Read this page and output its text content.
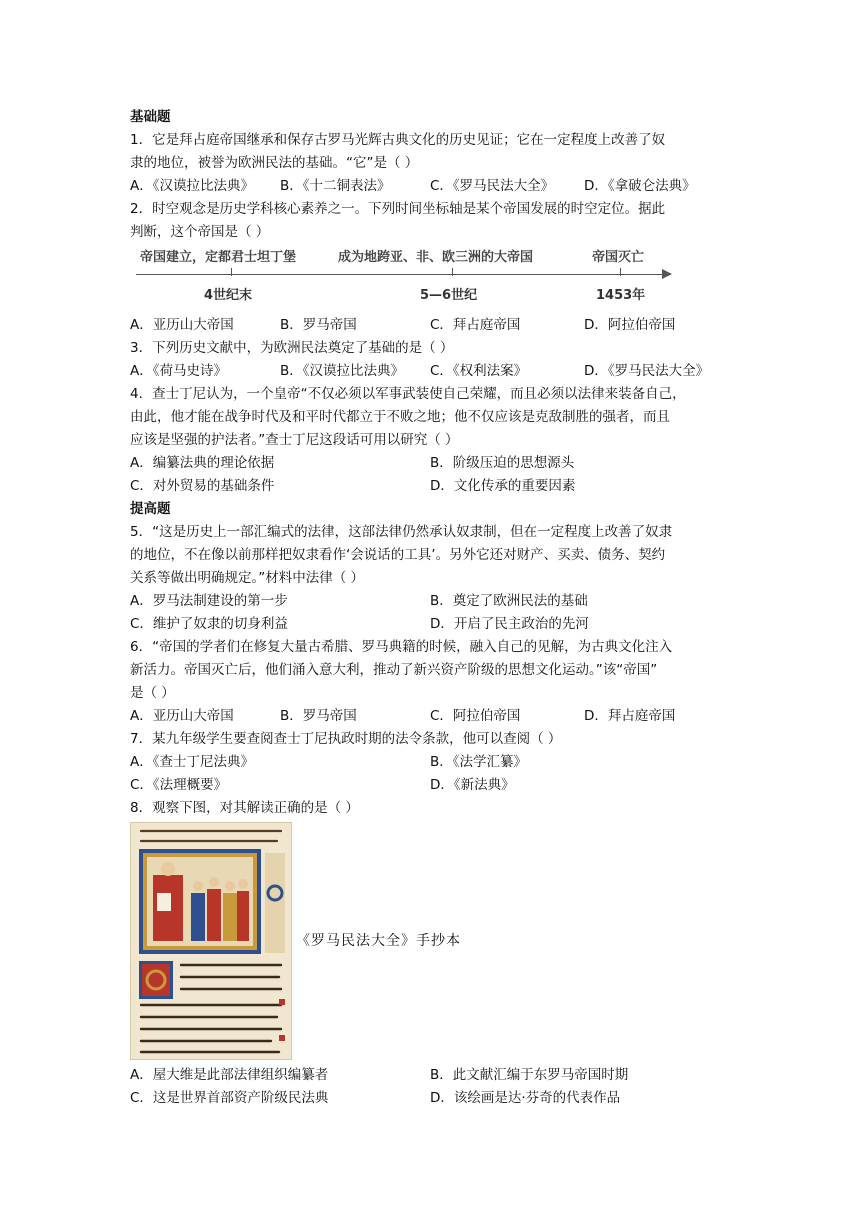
基础题
1．它是拜占庭帝国继承和保存古罗马光辉古典文化的历史见证；它在一定程度上改善了奴
隶的地位，被誉为欧洲民法的基础。“它”是（ ）
A．《汉谟拉比法典》	B．《十二铜表法》	C．《罗马民法大全》	D．《拿破仑法典》
2．时空观念是历史学科核心素养之一。下列时间坐标轴是某个帝国发展的时空定位。据此
判断，这个帝国是（ ）
帝国建立，定都君士坦丁堡	成为地跨亚、非、欧三洲的大帝国	帝国灭亡
4世纪末	5—6世纪	1453年
A．亚历山大帝国	B．罗马帝国	C．拜占庭帝国	D．阿拉伯帝国
3．下列历史文献中，为欧洲民法奠定了基础的是（ ）
A．《荷马史诗》	B．《汉谟拉比法典》	C．《权利法案》	D．《罗马民法大全》
4．查士丁尼认为，一个皇帝“不仅必须以军事武装使自己荣耀，而且必须以法律来装备自己，
由此，他才能在战争时代及和平时代都立于不败之地；他不仅应该是克敌制胜的强者，而且
应该是坚强的护法者。”查士丁尼这段话可用以研究（ ）
A．编纂法典的理论依据	B．阶级压迫的思想源头
C．对外贸易的基础条件	D．文化传承的重要因素
提高题
5．“这是历史上一部汇编式的法律，这部法律仍然承认奴隶制，但在一定程度上改善了奴隶
的地位，不在像以前那样把奴隶看作‘会说话的工具’。另外它还对财产、买卖、债务、契约
关系等做出明确规定。”材料中法律（ ）
A．罗马法制建设的第一步	B．奠定了欧洲民法的基础
C．维护了奴隶的切身利益	D．开启了民主政治的先河
6．“帝国的学者们在修复大量古希腊、罗马典籍的时候，融入自己的见解，为古典文化注入
新活力。帝国灭亡后，他们涌入意大利，推动了新兴资产阶级的思想文化运动。”该“帝国”
是（ ）
A．亚历山大帝国	B．罗马帝国	C．阿拉伯帝国	D．拜占庭帝国
7．某九年级学生要查阅查士丁尼执政时期的法令条款，他可以查阅（ ）
A．《查士丁尼法典》	B．《法学汇纂》
C．《法理概要》	D．《新法典》
8．观察下图，对其解读正确的是（ ）
《罗马民法大全》手抄本
A．屋大维是此部法律组织编纂者	B．此文献汇编于东罗马帝国时期
C．这是世界首部资产阶级民法典	D．该绘画是达·芬奇的代表作品
